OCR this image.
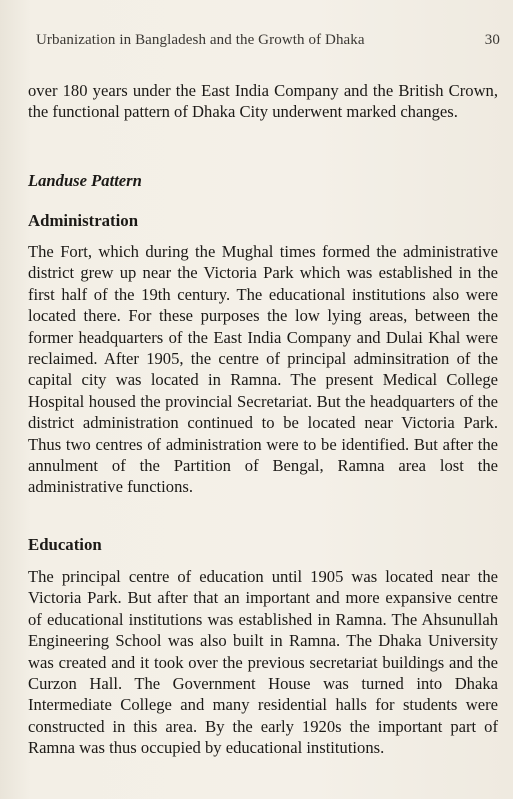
Urbanization in Bangladesh and the Growth of Dhaka	30

over 180 years under the East India Company and the British Crown, the functional pattern of Dhaka City underwent marked changes.

Landuse Pattern
Administration

The Fort, which during the Mughal times formed the administrative district grew up near the Victoria Park which was established in the first half of the 19th century. The educational institutions also were located there. For these purposes the low lying areas, between the former headquarters of the East India Company and Dulai Khal were reclaimed. After 1905, the centre of principal adminsitration of the capital city was located in Ramna. The present Medical College Hospital housed the provincial Secretariat. But the headquarters of the district administration continued to be located near Victoria Park. Thus two centres of administration were to be identified. But after the annulment of the Partition of Bengal, Ramna area lost the administrative functions.

Education

The principal centre of education until 1905 was located near the Victoria Park. But after that an important and more expansive centre of educational institutions was established in Ramna. The Ahsunullah Engineering School was also built in Ramna. The Dhaka University was created and it took over the previous secretariat buildings and the Curzon Hall. The Government House was turned into Dhaka Intermediate College and many residential halls for students were constructed in this area. By the early 1920s the important part of Ramna was thus occupied by educational institutions.
